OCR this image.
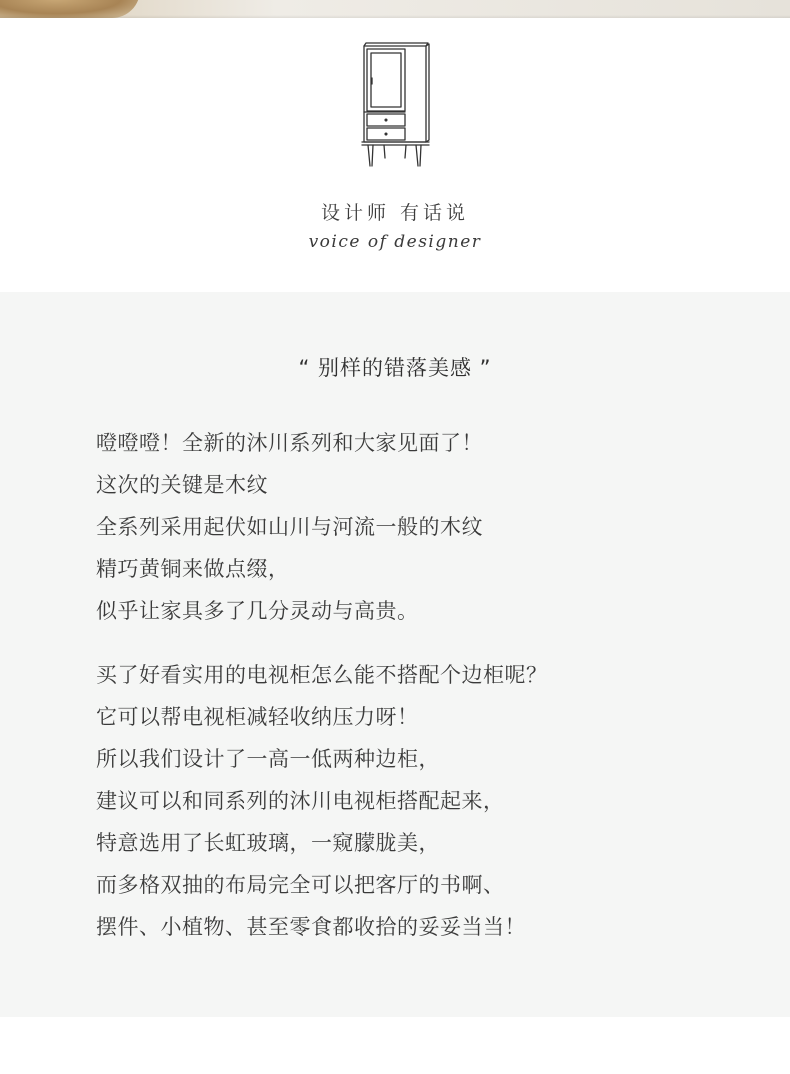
设计师 有话说
voice of designer
“ 别样的错落美感 ”
噔噔噔！全新的沐川系列和大家见面了！
这次的关键是木纹
全系列采用起伏如山川与河流一般的木纹
精巧黄铜来做点缀，
似乎让家具多了几分灵动与高贵。
买了好看实用的电视柜怎么能不搭配个边柜呢？
它可以帮电视柜减轻收纳压力呀！
所以我们设计了一高一低两种边柜，
建议可以和同系列的沐川电视柜搭配起来，
特意选用了长虹玻璃，一窥朦胧美，
而多格双抽的布局完全可以把客厅的书啊、
摆件、小植物、甚至零食都收拾的妥妥当当！
